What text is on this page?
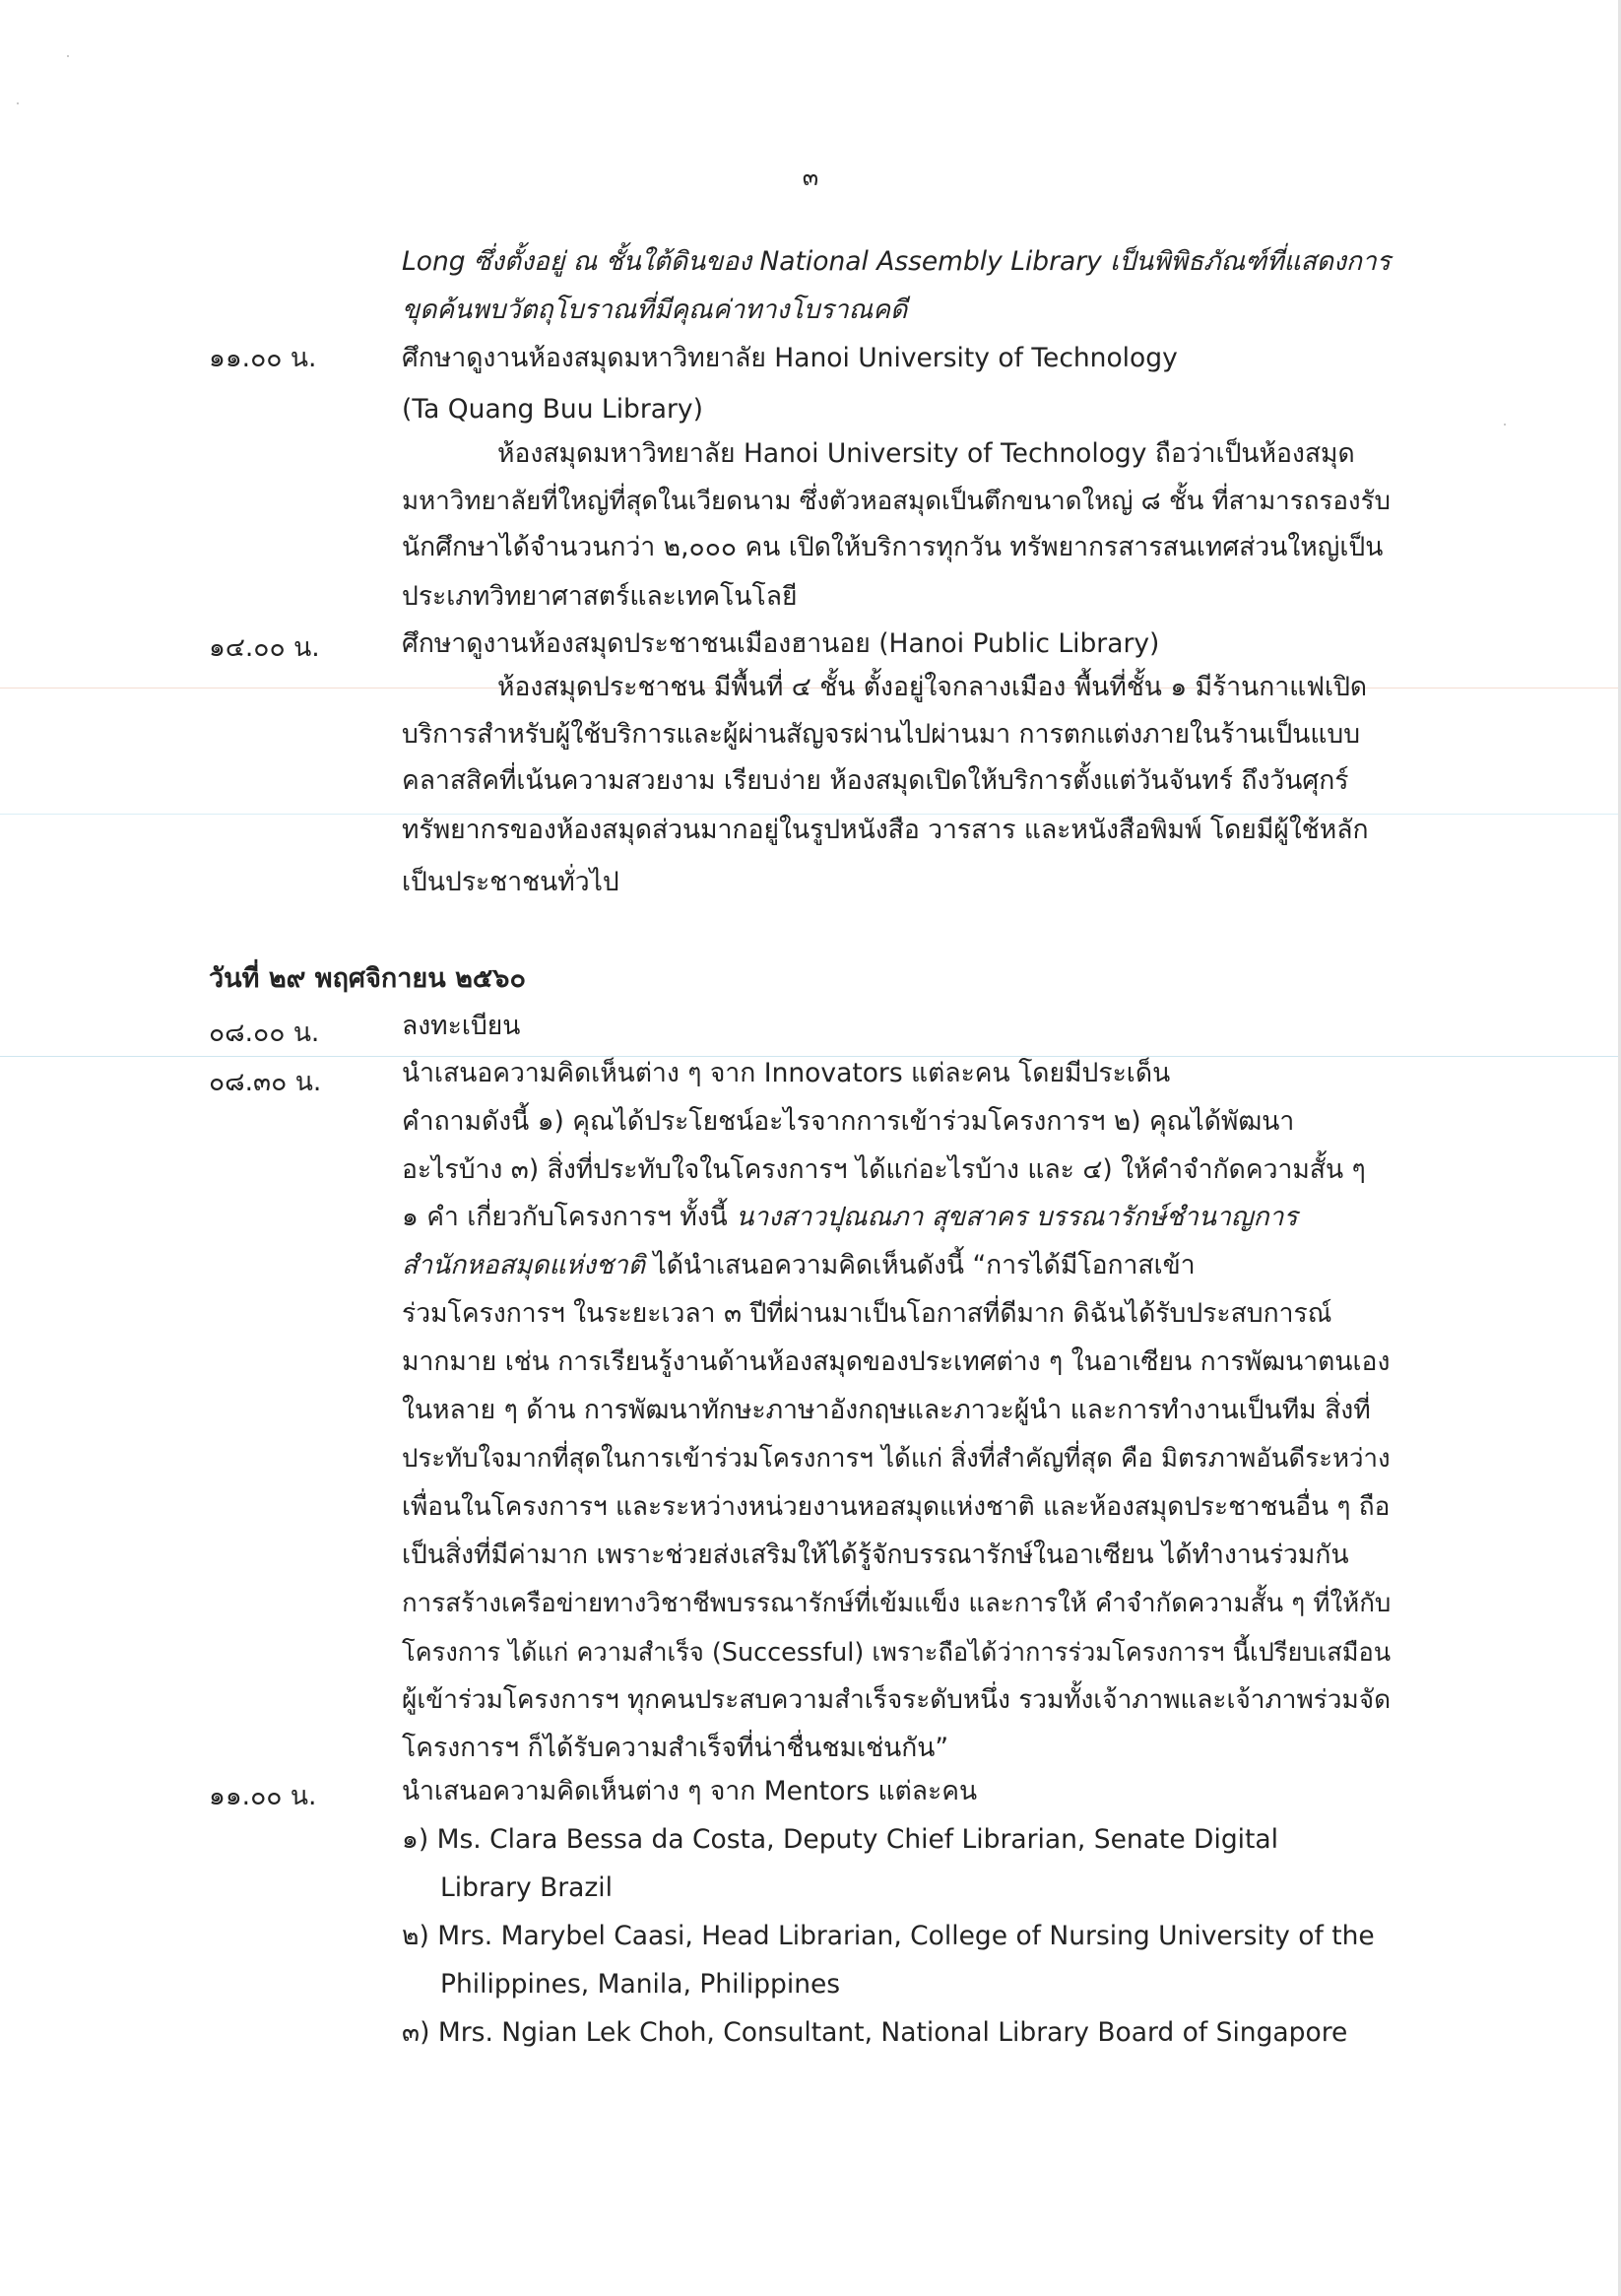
๓
Long ซึ่งตั้งอยู่ ณ ชั้นใต้ดินของ National Assembly Library เป็นพิพิธภัณฑ์ที่แสดงการ
ขุดค้นพบวัตถุโบราณที่มีคุณค่าทางโบราณคดี
๑๑.๐๐ น.	ศึกษาดูงานห้องสมุดมหาวิทยาลัย Hanoi University of Technology
(Ta Quang Buu Library)
ห้องสมุดมหาวิทยาลัย Hanoi University of Technology ถือว่าเป็นห้องสมุด
มหาวิทยาลัยที่ใหญ่ที่สุดในเวียดนาม ซึ่งตัวหอสมุดเป็นตึกขนาดใหญ่ ๘ ชั้น ที่สามารถรองรับ
นักศึกษาได้จำนวนกว่า ๒,๐๐๐ คน เปิดให้บริการทุกวัน ทรัพยากรสารสนเทศส่วนใหญ่เป็น
ประเภทวิทยาศาสตร์และเทคโนโลยี
๑๔.๐๐ น.	ศึกษาดูงานห้องสมุดประชาชนเมืองฮานอย (Hanoi Public Library)
ห้องสมุดประชาชน มีพื้นที่ ๔ ชั้น ตั้งอยู่ใจกลางเมือง พื้นที่ชั้น ๑ มีร้านกาแฟเปิด
บริการสำหรับผู้ใช้บริการและผู้ผ่านสัญจรผ่านไปผ่านมา การตกแต่งภายในร้านเป็นแบบ
คลาสสิคที่เน้นความสวยงาม เรียบง่าย ห้องสมุดเปิดให้บริการตั้งแต่วันจันทร์ ถึงวันศุกร์
ทรัพยากรของห้องสมุดส่วนมากอยู่ในรูปหนังสือ วารสาร และหนังสือพิมพ์ โดยมีผู้ใช้หลัก
เป็นประชาชนทั่วไป
วันที่ ๒๙ พฤศจิกายน ๒๕๖๐
๐๘.๐๐ น.	ลงทะเบียน
๐๘.๓๐ น.	นำเสนอความคิดเห็นต่าง ๆ จาก Innovators แต่ละคน โดยมีประเด็น
คำถามดังนี้ ๑) คุณได้ประโยชน์อะไรจากการเข้าร่วมโครงการฯ ๒) คุณได้พัฒนา
อะไรบ้าง ๓) สิ่งที่ประทับใจในโครงการฯ ได้แก่อะไรบ้าง และ ๔) ให้คำจำกัดความสั้น ๆ
๑ คำ เกี่ยวกับโครงการฯ ทั้งนี้ นางสาวปุณณภา สุขสาคร บรรณารักษ์ชำนาญการ
สำนักหอสมุดแห่งชาติ ได้นำเสนอความคิดเห็นดังนี้ “การได้มีโอกาสเข้า
ร่วมโครงการฯ ในระยะเวลา ๓ ปีที่ผ่านมาเป็นโอกาสที่ดีมาก ดิฉันได้รับประสบการณ์
มากมาย เช่น การเรียนรู้งานด้านห้องสมุดของประเทศต่าง ๆ ในอาเซียน การพัฒนาตนเอง
ในหลาย ๆ ด้าน การพัฒนาทักษะภาษาอังกฤษและภาวะผู้นำ และการทำงานเป็นทีม สิ่งที่
ประทับใจมากที่สุดในการเข้าร่วมโครงการฯ ได้แก่ สิ่งที่สำคัญที่สุด คือ มิตรภาพอันดีระหว่าง
เพื่อนในโครงการฯ และระหว่างหน่วยงานหอสมุดแห่งชาติ และห้องสมุดประชาชนอื่น ๆ ถือ
เป็นสิ่งที่มีค่ามาก เพราะช่วยส่งเสริมให้ได้รู้จักบรรณารักษ์ในอาเซียน ได้ทำงานร่วมกัน
การสร้างเครือข่ายทางวิชาชีพบรรณารักษ์ที่เข้มแข็ง และการให้ คำจำกัดความสั้น ๆ ที่ให้กับ
โครงการ ได้แก่ ความสำเร็จ (Successful) เพราะถือได้ว่าการร่วมโครงการฯ นี้เปรียบเสมือน
ผู้เข้าร่วมโครงการฯ ทุกคนประสบความสำเร็จระดับหนึ่ง รวมทั้งเจ้าภาพและเจ้าภาพร่วมจัด
โครงการฯ ก็ได้รับความสำเร็จที่น่าชื่นชมเช่นกัน”
๑๑.๐๐ น.	นำเสนอความคิดเห็นต่าง ๆ จาก Mentors แต่ละคน
๑) Ms. Clara Bessa da Costa, Deputy Chief Librarian, Senate Digital
Library Brazil
๒) Mrs. Marybel Caasi, Head Librarian, College of Nursing University of the
Philippines, Manila, Philippines
๓) Mrs. Ngian Lek Choh, Consultant, National Library Board of Singapore
